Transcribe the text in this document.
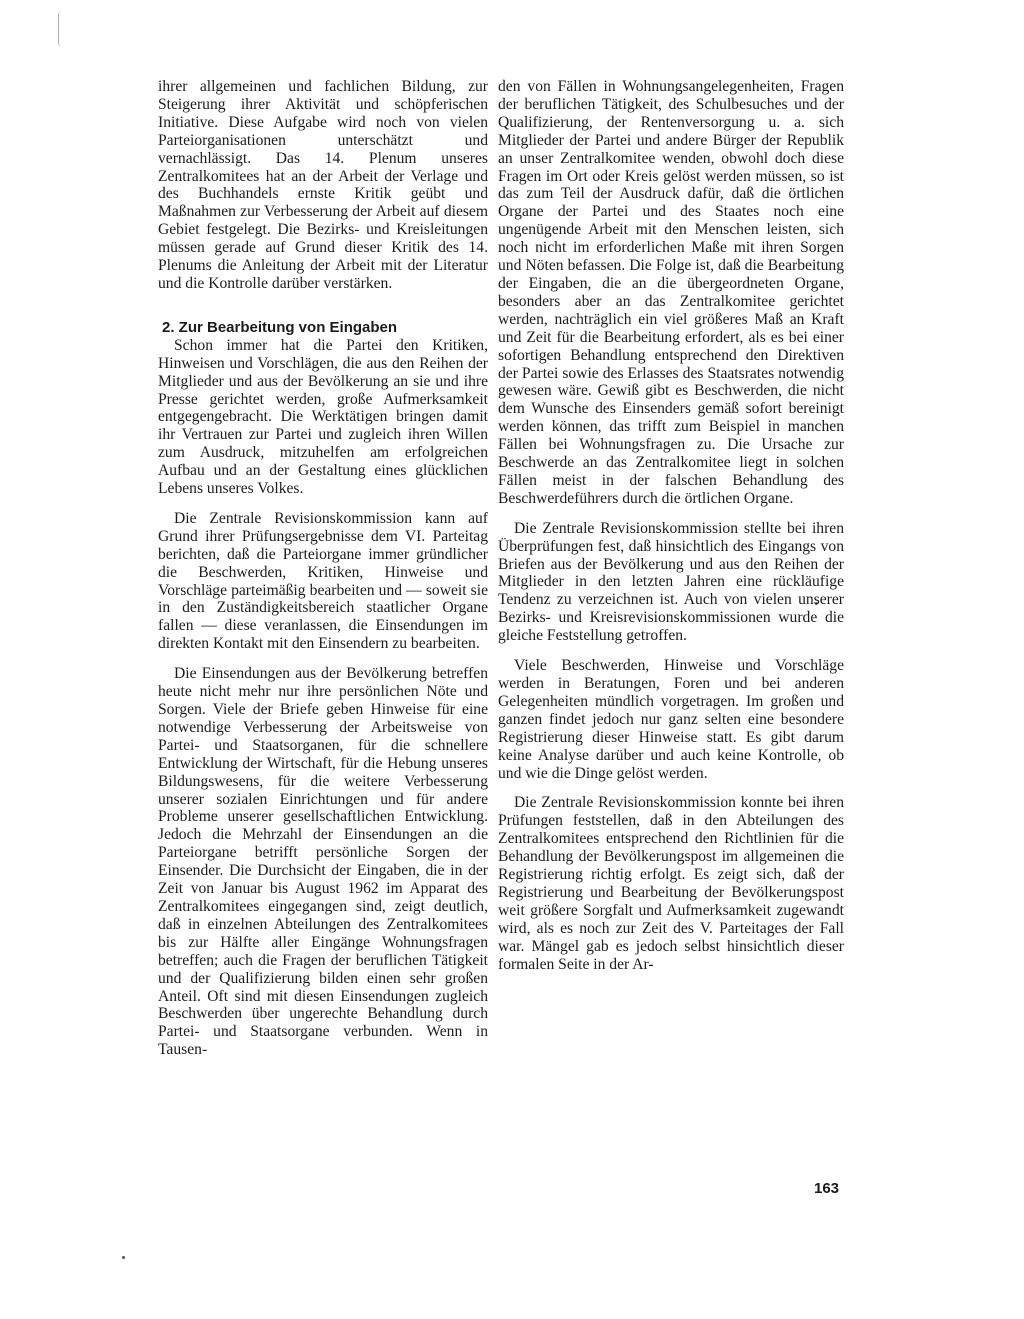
ihrer allgemeinen und fachlichen Bildung, zur Steigerung ihrer Aktivität und schöpferischen Initiative. Diese Aufgabe wird noch von vielen Parteiorganisationen unterschätzt und vernachlässigt. Das 14. Plenum unseres Zentralkomitees hat an der Arbeit der Verlage und des Buchhandels ernste Kritik geübt und Maßnahmen zur Verbesserung der Arbeit auf diesem Gebiet festgelegt. Die Bezirks- und Kreisleitungen müssen gerade auf Grund dieser Kritik des 14. Plenums die Anleitung der Arbeit mit der Literatur und die Kontrolle darüber verstärken.

2. Zur Bearbeitung von Eingaben

Schon immer hat die Partei den Kritiken, Hinweisen und Vorschlägen, die aus den Reihen der Mitglieder und aus der Bevölkerung an sie und ihre Presse gerichtet werden, große Aufmerksamkeit entgegengebracht. Die Werktätigen bringen damit ihr Vertrauen zur Partei und zugleich ihren Willen zum Ausdruck, mitzuhelfen am erfolgreichen Aufbau und an der Gestaltung eines glücklichen Lebens unseres Volkes.

Die Zentrale Revisionskommission kann auf Grund ihrer Prüfungsergebnisse dem VI. Parteitag berichten, daß die Parteiorgane immer gründlicher die Beschwerden, Kritiken, Hinweise und Vorschläge parteimäßig bearbeiten und — soweit sie in den Zuständigkeitsbereich staatlicher Organe fallen — diese veranlassen, die Einsendungen im direkten Kontakt mit den Einsendern zu bearbeiten.

Die Einsendungen aus der Bevölkerung betreffen heute nicht mehr nur ihre persönlichen Nöte und Sorgen. Viele der Briefe geben Hinweise für eine notwendige Verbesserung der Arbeitsweise von Partei- und Staatsorganen, für die schnellere Entwicklung der Wirtschaft, für die Hebung unseres Bildungswesens, für die weitere Verbesserung unserer sozialen Einrichtungen und für andere Probleme unserer gesellschaftlichen Entwicklung. Jedoch die Mehrzahl der Einsendungen an die Parteiorgane betrifft persönliche Sorgen der Einsender. Die Durchsicht der Eingaben, die in der Zeit von Januar bis August 1962 im Apparat des Zentralkomitees eingegangen sind, zeigt deutlich, daß in einzelnen Abteilungen des Zentralkomitees bis zur Hälfte aller Eingänge Wohnungsfragen betreffen; auch die Fragen der beruflichen Tätigkeit und der Qualifizierung bilden einen sehr großen Anteil. Oft sind mit diesen Einsendungen zugleich Beschwerden über ungerechte Behandlung durch Partei- und Staatsorgane verbunden. Wenn in Tausen-

den von Fällen in Wohnungsangelegenheiten, Fragen der beruflichen Tätigkeit, des Schulbesuches und der Qualifizierung, der Rentenversorgung u. a. sich Mitglieder der Partei und andere Bürger der Republik an unser Zentralkomitee wenden, obwohl doch diese Fragen im Ort oder Kreis gelöst werden müssen, so ist das zum Teil der Ausdruck dafür, daß die örtlichen Organe der Partei und des Staates noch eine ungenügende Arbeit mit den Menschen leisten, sich noch nicht im erforderlichen Maße mit ihren Sorgen und Nöten befassen. Die Folge ist, daß die Bearbeitung der Eingaben, die an die übergeordneten Organe, besonders aber an das Zentralkomitee gerichtet werden, nachträglich ein viel größeres Maß an Kraft und Zeit für die Bearbeitung erfordert, als es bei einer sofortigen Behandlung entsprechend den Direktiven der Partei sowie des Erlasses des Staatsrates notwendig gewesen wäre. Gewiß gibt es Beschwerden, die nicht dem Wunsche des Einsenders gemäß sofort bereinigt werden können, das trifft zum Beispiel in manchen Fällen bei Wohnungsfragen zu. Die Ursache zur Beschwerde an das Zentralkomitee liegt in solchen Fällen meist in der falschen Behandlung des Beschwerdeführers durch die örtlichen Organe.

Die Zentrale Revisionskommission stellte bei ihren Überprüfungen fest, daß hinsichtlich des Eingangs von Briefen aus der Bevölkerung und aus den Reihen der Mitglieder in den letzten Jahren eine rückläufige Tendenz zu verzeichnen ist. Auch von vielen unserer Bezirks- und Kreisrevisionskommissionen wurde die gleiche Feststellung getroffen.

Viele Beschwerden, Hinweise und Vorschläge werden in Beratungen, Foren und bei anderen Gelegenheiten mündlich vorgetragen. Im großen und ganzen findet jedoch nur ganz selten eine besondere Registrierung dieser Hinweise statt. Es gibt darum keine Analyse darüber und auch keine Kontrolle, ob und wie die Dinge gelöst werden.

Die Zentrale Revisionskommission konnte bei ihren Prüfungen feststellen, daß in den Abteilungen des Zentralkomitees entsprechend den Richtlinien für die Behandlung der Bevölkerungspost im allgemeinen die Registrierung richtig erfolgt. Es zeigt sich, daß der Registrierung und Bearbeitung der Bevölkerungspost weit größere Sorgfalt und Aufmerksamkeit zugewandt wird, als es noch zur Zeit des V. Parteitages der Fall war. Mängel gab es jedoch selbst hinsichtlich dieser formalen Seite in der Ar-

163
